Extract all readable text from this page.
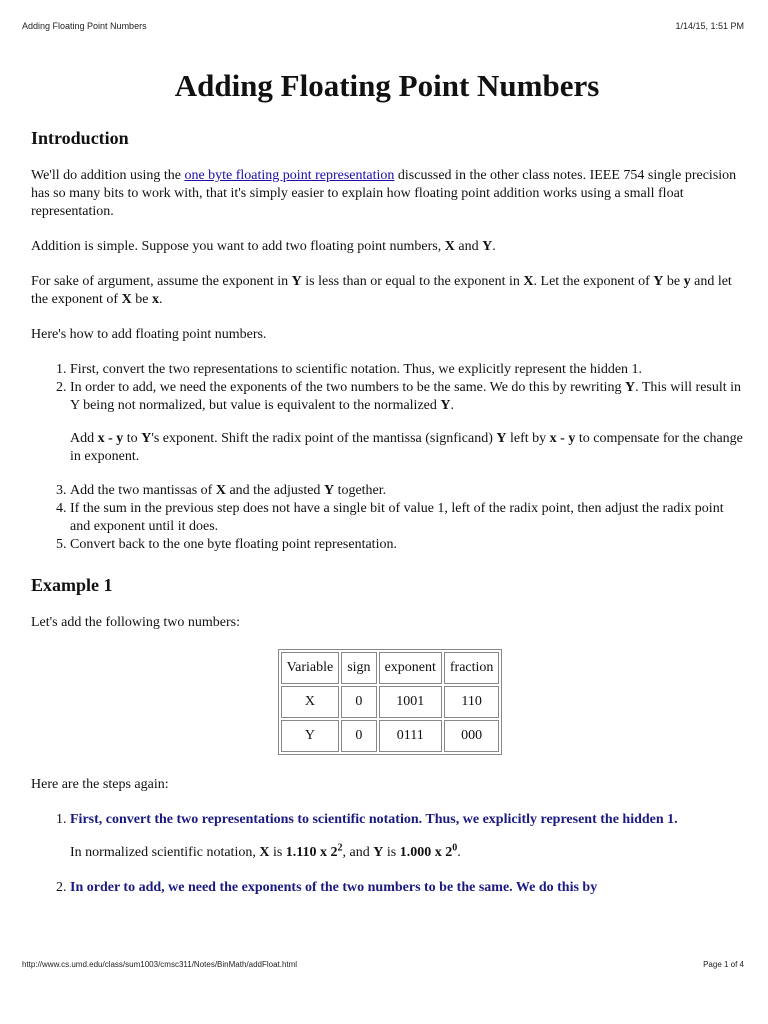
Adding Floating Point Numbers	1/14/15, 1:51 PM
Adding Floating Point Numbers
Introduction

We'll do addition using the one byte floating point representation discussed in the other class notes. IEEE 754 single precision has so many bits to work with, that it's simply easier to explain how floating point addition works using a small float representation.

Addition is simple. Suppose you want to add two floating point numbers, X and Y.

For sake of argument, assume the exponent in Y is less than or equal to the exponent in X. Let the exponent of Y be y and let the exponent of X be x.

Here's how to add floating point numbers.

1. First, convert the two representations to scientific notation. Thus, we explicitly represent the hidden 1.
2. In order to add, we need the exponents of the two numbers to be the same. We do this by rewriting Y. This will result in Y being not normalized, but value is equivalent to the normalized Y.
Add x - y to Y's exponent. Shift the radix point of the mantissa (signficand) Y left by x - y to compensate for the change in exponent.
3. Add the two mantissas of X and the adjusted Y together.
4. If the sum in the previous step does not have a single bit of value 1, left of the radix point, then adjust the radix point and exponent until it does.
5. Convert back to the one byte floating point representation.
Example 1

Let's add the following two numbers:

Variable	sign	exponent	fraction
X	0	1001	110
Y	0	0111	000

Here are the steps again:

1. First, convert the two representations to scientific notation. Thus, we explicitly represent the hidden 1.
In normalized scientific notation, X is 1.110 x $2^2$, and Y is 1.000 x $2^0$.
2. In order to add, we need the exponents of the two numbers to be the same. We do this by
http://www.cs.umd.edu/class/sum1003/cmsc311/Notes/BinMath/addFloat.html	Page 1 of 4
